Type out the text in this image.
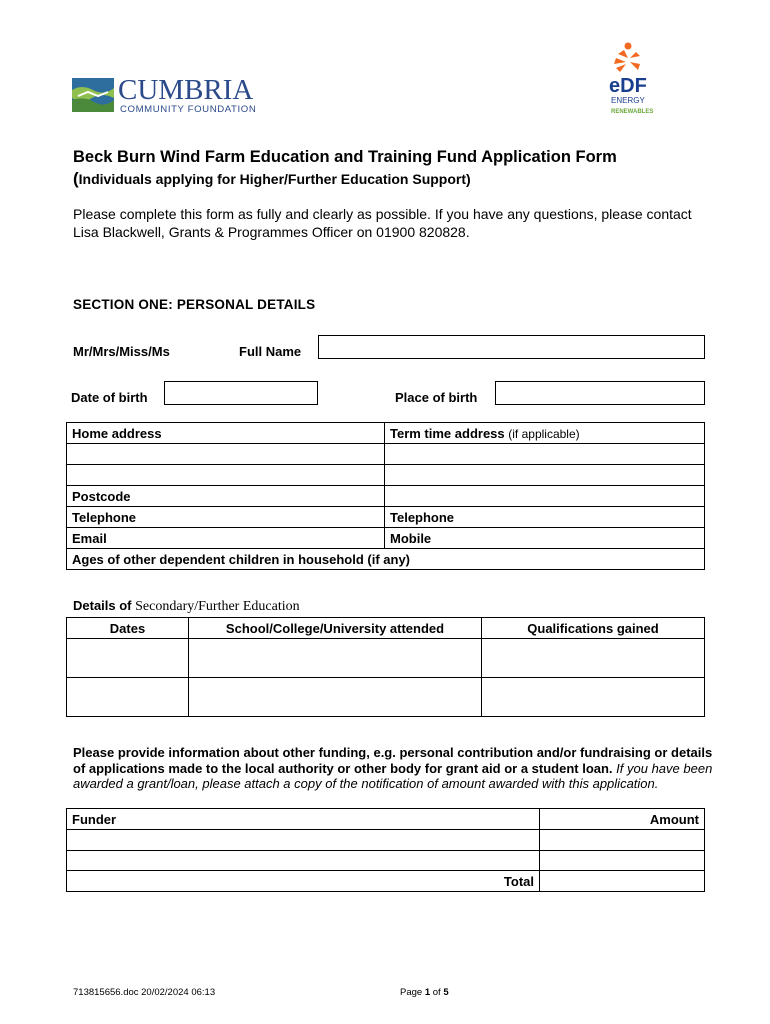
CUMBRIA
COMMUNITY FOUNDATION
eDF
ENERGY
RENEWABLES
Beck Burn Wind Farm Education and Training Fund Application Form
(Individuals applying for Higher/Further Education Support)
Please complete this form as fully and clearly as possible. If you have any questions, please contact Lisa Blackwell, Grants & Programmes Officer on 01900 820828.
SECTION ONE: PERSONAL DETAILS
Mr/Mrs/Miss/Ms	Full Name
Date of birth	Place of birth
Home address	Term time address (if applicable)

Postcode	
Telephone	Telephone
Email	Mobile
Ages of other dependent children in household (if any)	
Details of Secondary/Further Education
Dates	School/College/University attended	Qualifications gained

Please provide information about other funding, e.g. personal contribution and/or fundraising or details of applications made to the local authority or other body for grant aid or a student loan. If you have been awarded a grant/loan, please attach a copy of the notification of amount awarded with this application.
Funder	Amount

Total	
713815656.doc 20/02/2024 06:13	Page 1 of 5
